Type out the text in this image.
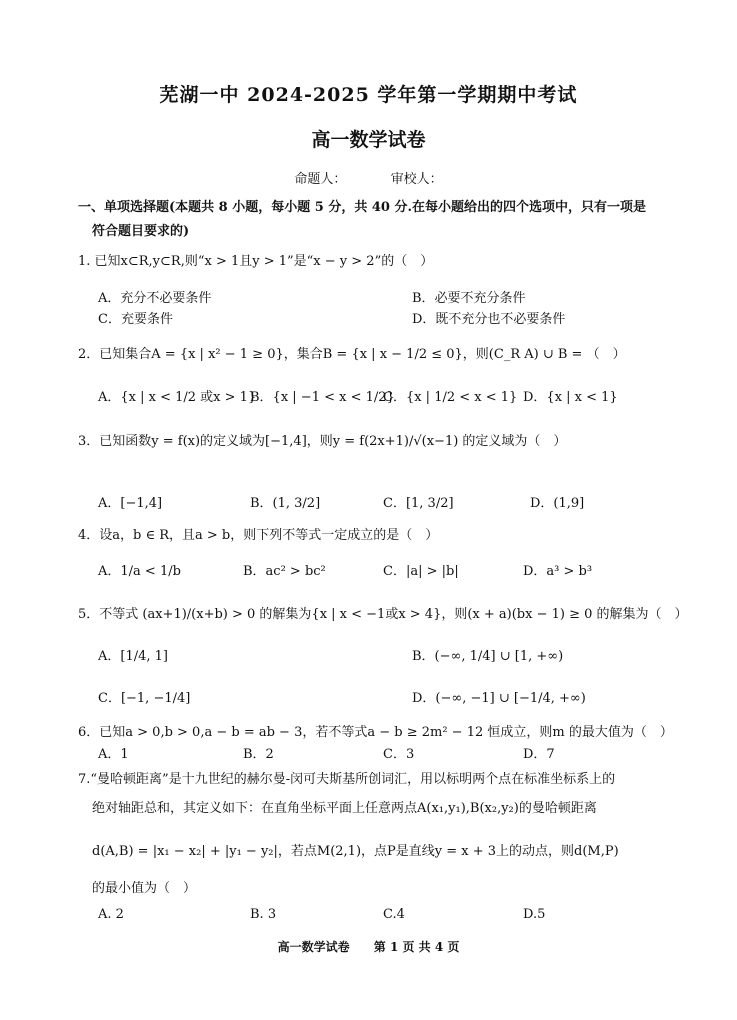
芜湖一中 2024-2025 学年第一学期期中考试
高一数学试卷
命题人：	审校人：
一、单项选择题(本题共 8 小题，每小题 5 分，共 40 分.在每小题给出的四个选项中，只有一项是
符合题目要求的)
1. 已知x⊂R,y⊂R,则“x > 1且y > 1”是“x − y > 2”的（　）
A．充分不必要条件	B．必要不充分条件
C．充要条件	D．既不充分也不必要条件
2．已知集合A = {x | x² − 1 ≥ 0}，集合B = {x | x − 1/2 ≤ 0}，则(C_R A) ∪ B = （　）
A．{x | x < 1/2 或x > 1}
B．{x | −1 < x < 1/2}
C．{x | 1/2 < x < 1} D．{x | x < 1}
3．已知函数y = f(x)的定义域为[−1,4]，则y = f(2x+1)/√(x−1) 的定义域为（　）
A．[−1,4]	B．(1, 3/2]	C．[1, 3/2]	D．(1,9]
4．设a，b ∈ R，且a > b，则下列不等式一定成立的是（　）
A．1/a < 1/b	B．ac² > bc²	C．|a| > |b|	D．a³ > b³
5．不等式 (ax+1)/(x+b) > 0 的解集为{x | x < −1或x > 4}，则(x + a)(bx − 1) ≥ 0 的解集为（　）
A．[1/4, 1]	B．(−∞, 1/4] ∪ [1, +∞)
C．[−1, −1/4]	D．(−∞, −1] ∪ [−1/4, +∞)
6．已知a > 0,b > 0,a − b = ab − 3，若不等式a − b ≥ 2m² − 12 恒成立，则m 的最大值为（　）
A．1	B．2	C．3	D．7
7.“曼哈顿距离”是十九世纪的赫尔曼-闵可夫斯基所创词汇，用以标明两个点在标准坐标系上的
绝对轴距总和，其定义如下：在直角坐标平面上任意两点A(x₁,y₁),B(x₂,y₂)的曼哈顿距离
d(A,B) = |x₁ − x₂| + |y₁ − y₂|，若点M(2,1)，点P是直线y = x + 3上的动点，则d(M,P)
的最小值为（　）
A. 2	B. 3	C.4	D.5
高一数学试卷 第 1 页 共 4 页
